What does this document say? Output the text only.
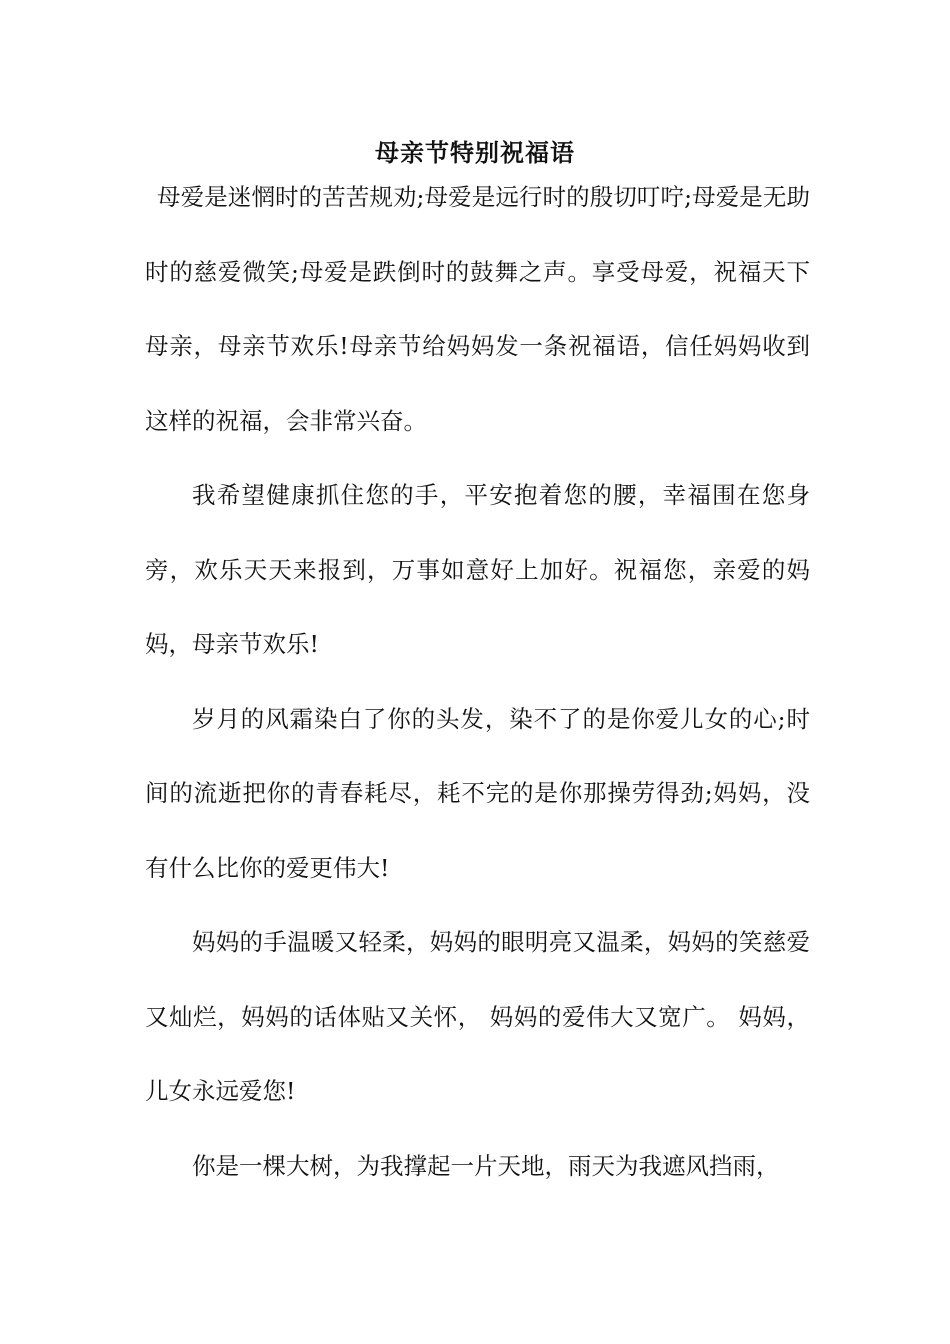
母亲节特别祝福语

母爱是迷惘时的苦苦规劝;母爱是远行时的殷切叮咛;母爱是无助时的慈爱微笑;母爱是跌倒时的鼓舞之声。享受母爱，祝福天下母亲，母亲节欢乐!母亲节给妈妈发一条祝福语，信任妈妈收到这样的祝福，会非常兴奋。

我希望健康抓住您的手，平安抱着您的腰，幸福围在您身旁，欢乐天天来报到，万事如意好上加好。祝福您，亲爱的妈妈，母亲节欢乐!

岁月的风霜染白了你的头发，染不了的是你爱儿女的心;时间的流逝把你的青春耗尽，耗不完的是你那操劳得劲;妈妈，没有什么比你的爱更伟大!

妈妈的手温暖又轻柔，妈妈的眼明亮又温柔，妈妈的笑慈爱又灿烂，妈妈的话体贴又关怀， 妈妈的爱伟大又宽广。 妈妈，儿女永远爱您!

你是一棵大树，为我撑起一片天地，雨天为我遮风挡雨，
